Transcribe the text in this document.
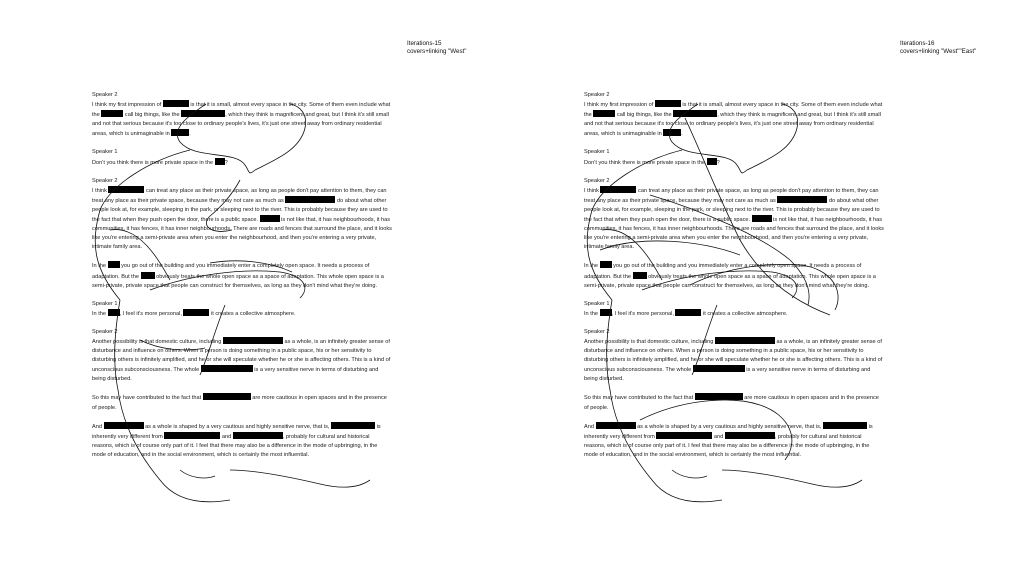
Iterations-15
covers+linking "West"
Speaker 2
I think my first impression of	is that it is small, almost every space in the city. Some of them even include what the	call big things, like the	, which they think is magnificent and great, but I think it's still small and not that serious because it's too close to ordinary people's lives, it's just one street away from ordinary residential areas, which is unimaginable in	.
Speaker 1
Don't you think there is more private space in the ?
Speaker 2
I think	can treat any place as their private space, as long as people don't pay attention to them, they can treat any place as their private space, because they may not care as much as	do about what other people look at, for example, sleeping in the park, or sleeping next to the river. This is probably because they are used to the fact that when they push open the door, there is a public space.	is not like that, it has neighbourhoods, it has communities, it has fences, it has inner neighbourhoods. There are roads and fences that surround the place, and it looks like you're entering a semi-private area when you enter the neighbourhood, and then you're entering a very private, intimate family area.
In the  you go out of the building and you immediately enter a completely open space. It needs a process of adaptation. But the	obviously treats the whole open space as a space of adaptation. This whole open space is a semi-private, private space that people can construct for themselves, as long as they don't mind what they're doing.
Speaker 1
In the , I feel it's more personal,	it creates a collective atmosphere.
Speaker 2
Another possibility is that domestic culture, including	as a whole, is an infinitely greater sense of disturbance and influence on others. When a person is doing something in a public space, his or her sensitivity to disturbing others is infinitely amplified, and he or she will speculate whether he or she is affecting others. This is a kind of unconscious subconsciousness. The whole	is a very sensitive nerve in terms of disturbing and being disturbed.
So this may have contributed to the fact that	are more cautious in open spaces and in the presence of people.
And	as a whole is shaped by a very cautious and highly sensitive nerve, that is,	is inherently very different from	and	, probably for cultural and historical reasons, which is of course only part of it. I feel that there may also be a difference in the mode of upbringing, in the mode of education, and in the social environment, which is certainly the most influential.
Iterations-16
covers+linking "West""East"
Speaker 2
I think my first impression of	is that it is small, almost every space in the city. Some of them even include what the	call big things, like the	, which they think is magnificent and great, but I think it's still small and not that serious because it's too close to ordinary people's lives, it's just one street away from ordinary residential areas, which is unimaginable in	.
Speaker 1
Don't you think there is more private space in the ?
Speaker 2
I think	can treat any place as their private space, as long as people don't pay attention to them, they can treat any place as their private space, because they may not care as much as	do about what other people look at, for example, sleeping in the park, or sleeping next to the river. This is probably because they are used to the fact that when they push open the door, there is a public space.	is not like that, it has neighbourhoods, it has communities, it has fences, it has inner neighbourhoods. There are roads and fences that surround the place, and it looks like you're entering a semi-private area when you enter the neighbourhood, and then you're entering a very private, intimate family area.
In the  you go out of the building and you immediately enter a completely open space. It needs a process of adaptation. But the	obviously treats the whole open space as a space of adaptation. This whole open space is a semi-private, private space that people can construct for themselves, as long as they don't mind what they're doing.
Speaker 1
In the , I feel it's more personal,	it creates a collective atmosphere.
Speaker 2
Another possibility is that domestic culture, including	as a whole, is an infinitely greater sense of disturbance and influence on others. When a person is doing something in a public space, his or her sensitivity to disturbing others is infinitely amplified, and he or she will speculate whether he or she is affecting others. This is a kind of unconscious subconsciousness. The whole	is a very sensitive nerve in terms of disturbing and being disturbed.
So this may have contributed to the fact that	are more cautious in open spaces and in the presence of people.
And	as a whole is shaped by a very cautious and highly sensitive nerve, that is,	is inherently very different from	and	, probably for cultural and historical reasons, which is of course only part of it. I feel that there may also be a difference in the mode of upbringing, in the mode of education, and in the social environment, which is certainly the most influential.
